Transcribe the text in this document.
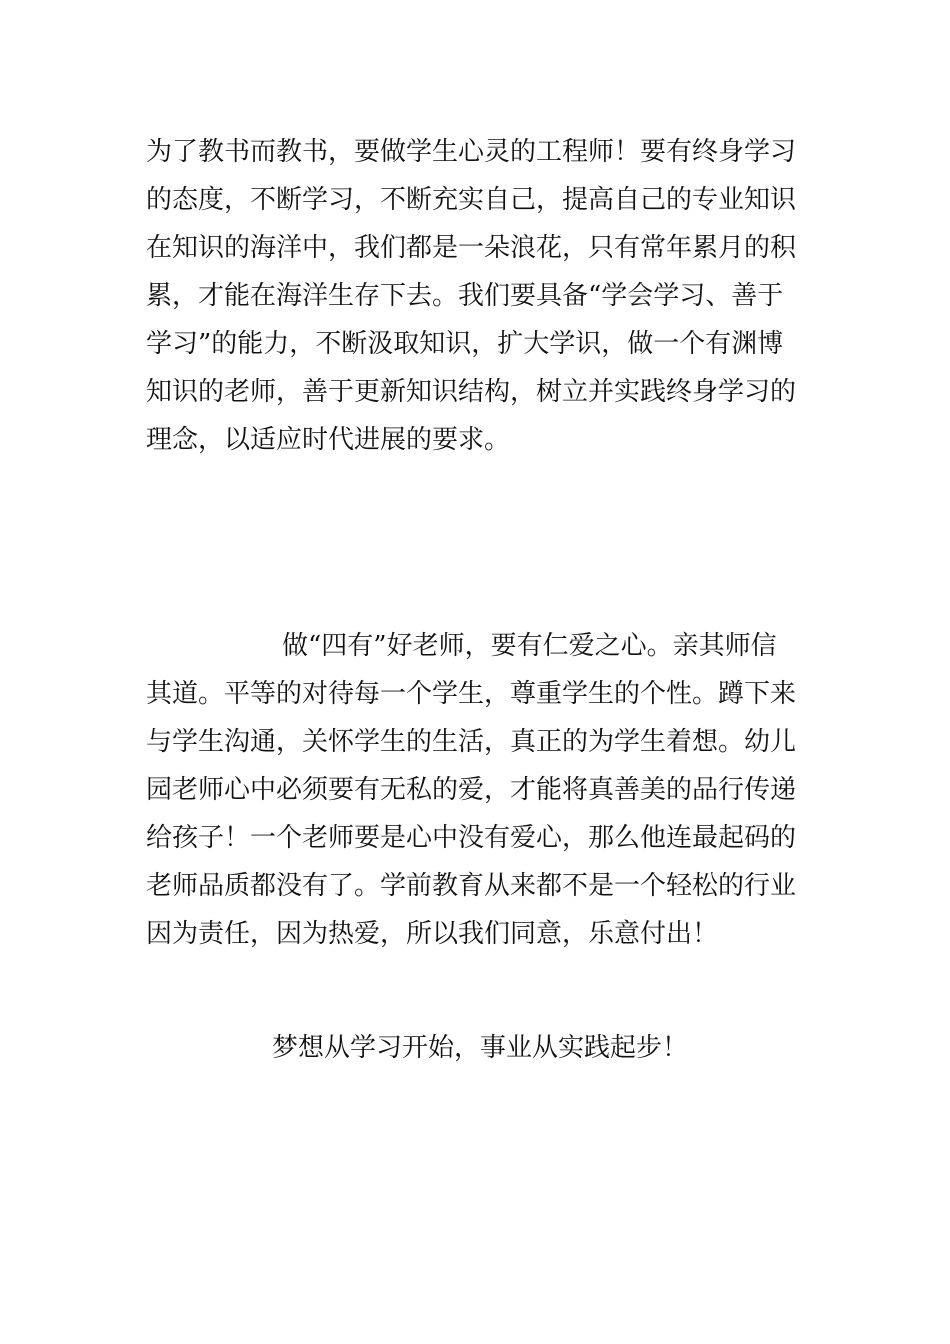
为了教书而教书，要做学生心灵的工程师！要有终身学习
的态度，不断学习，不断充实自己，提高自己的专业知识
在知识的海洋中，我们都是一朵浪花，只有常年累月的积
累，才能在海洋生存下去。我们要具备“学会学习、善于
学习”的能力，不断汲取知识，扩大学识，做一个有渊博
知识的老师，善于更新知识结构，树立并实践终身学习的
理念，以适应时代进展的要求。
做“四有”好老师，要有仁爱之心。亲其师信
其道。平等的对待每一个学生，尊重学生的个性。蹲下来
与学生沟通，关怀学生的生活，真正的为学生着想。幼儿
园老师心中必须要有无私的爱，才能将真善美的品行传递
给孩子！一个老师要是心中没有爱心，那么他连最起码的
老师品质都没有了。学前教育从来都不是一个轻松的行业
因为责任，因为热爱，所以我们同意，乐意付出！
梦想从学习开始，事业从实践起步！
